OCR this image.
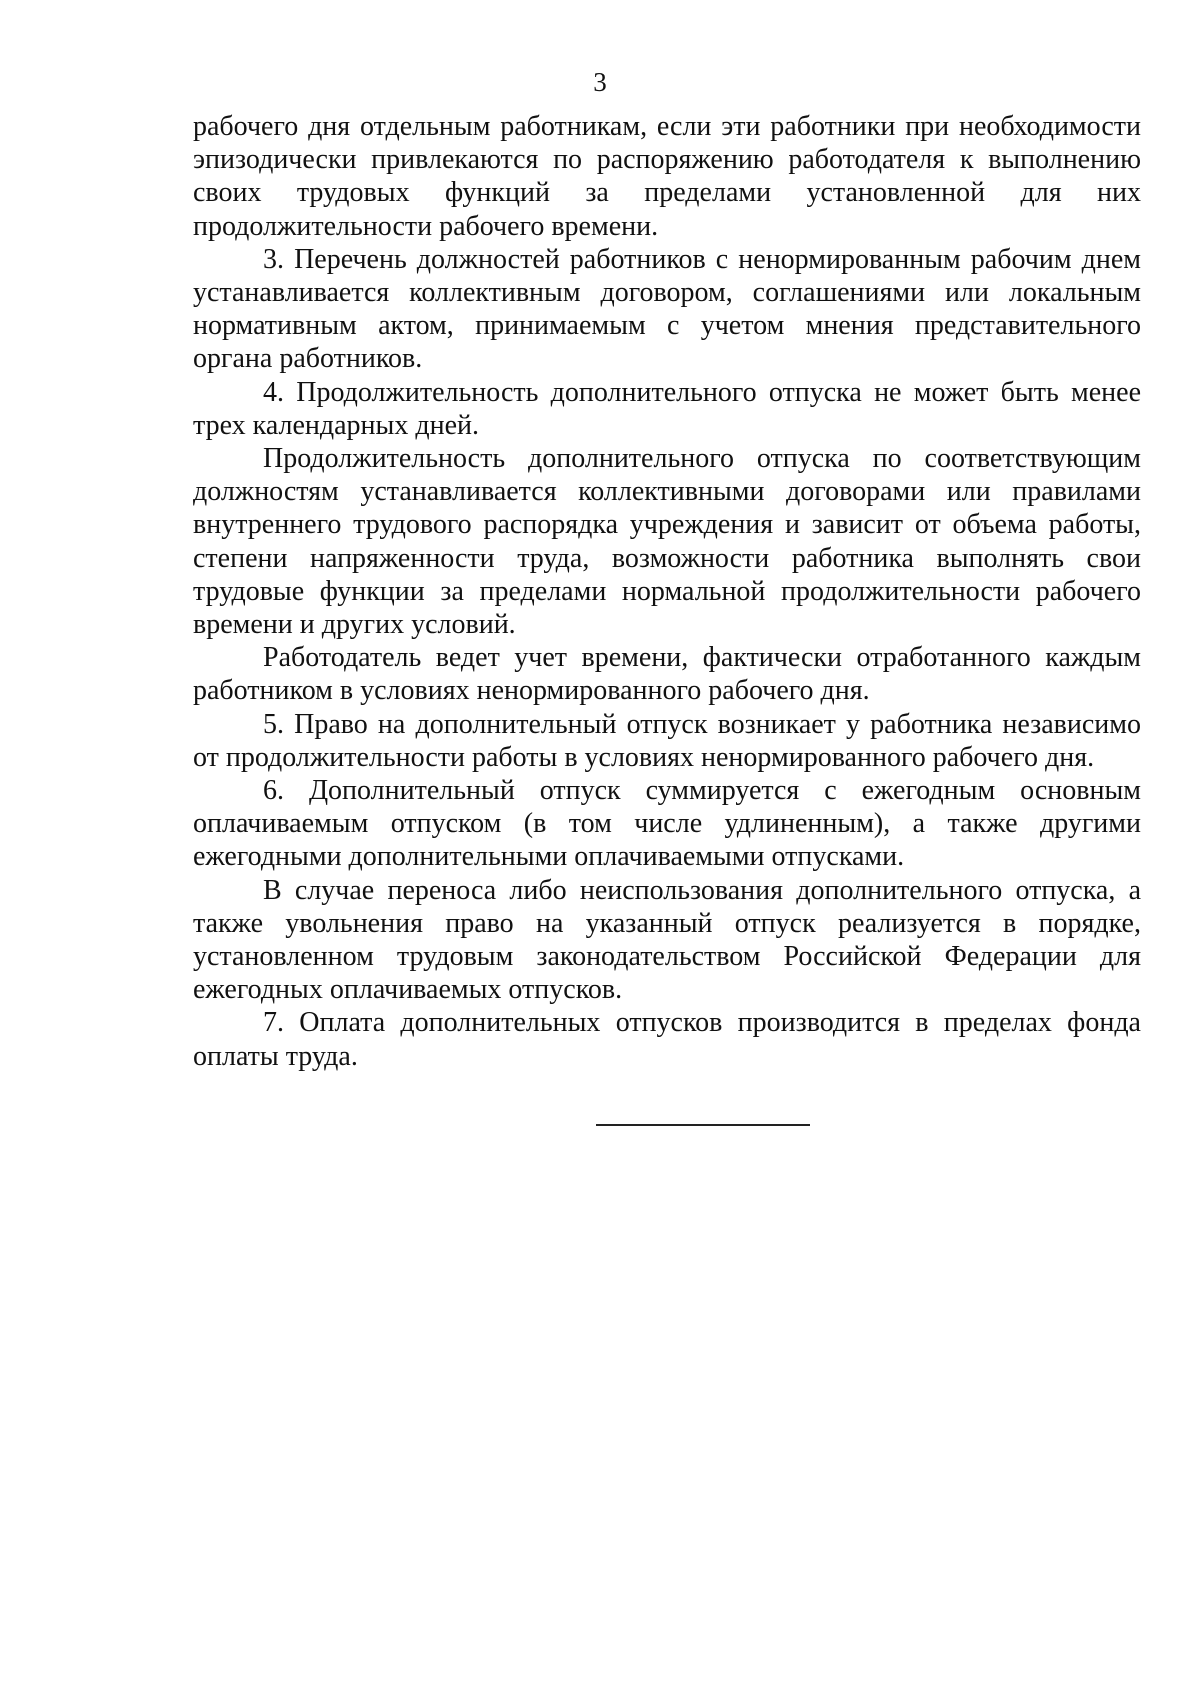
3

рабочего дня отдельным работникам, если эти работники при необходимости эпизодически привлекаются по распоряжению работодателя к выполнению своих трудовых функций за пределами установленной для них продолжительности рабочего времени.

3. Перечень должностей работников с ненормированным рабочим днем устанавливается коллективным договором, соглашениями или локальным нормативным актом, принимаемым с учетом мнения представительного органа работников.

4. Продолжительность дополнительного отпуска не может быть менее трех календарных дней.

Продолжительность дополнительного отпуска по соответствующим должностям устанавливается коллективными договорами или правилами внутреннего трудового распорядка учреждения и зависит от объема работы, степени напряженности труда, возможности работника выполнять свои трудовые функции за пределами нормальной продолжительности рабочего времени и других условий.

Работодатель ведет учет времени, фактически отработанного каждым работником в условиях ненормированного рабочего дня.

5. Право на дополнительный отпуск возникает у работника независимо от продолжительности работы в условиях ненормированного рабочего дня.

6. Дополнительный отпуск суммируется с ежегодным основным оплачиваемым отпуском (в том числе удлиненным), а также другими ежегодными дополнительными оплачиваемыми отпусками.

В случае переноса либо неиспользования дополнительного отпуска, а также увольнения право на указанный отпуск реализуется в порядке, установленном трудовым законодательством Российской Федерации для ежегодных оплачиваемых отпусков.

7. Оплата дополнительных отпусков производится в пределах фонда оплаты труда.
